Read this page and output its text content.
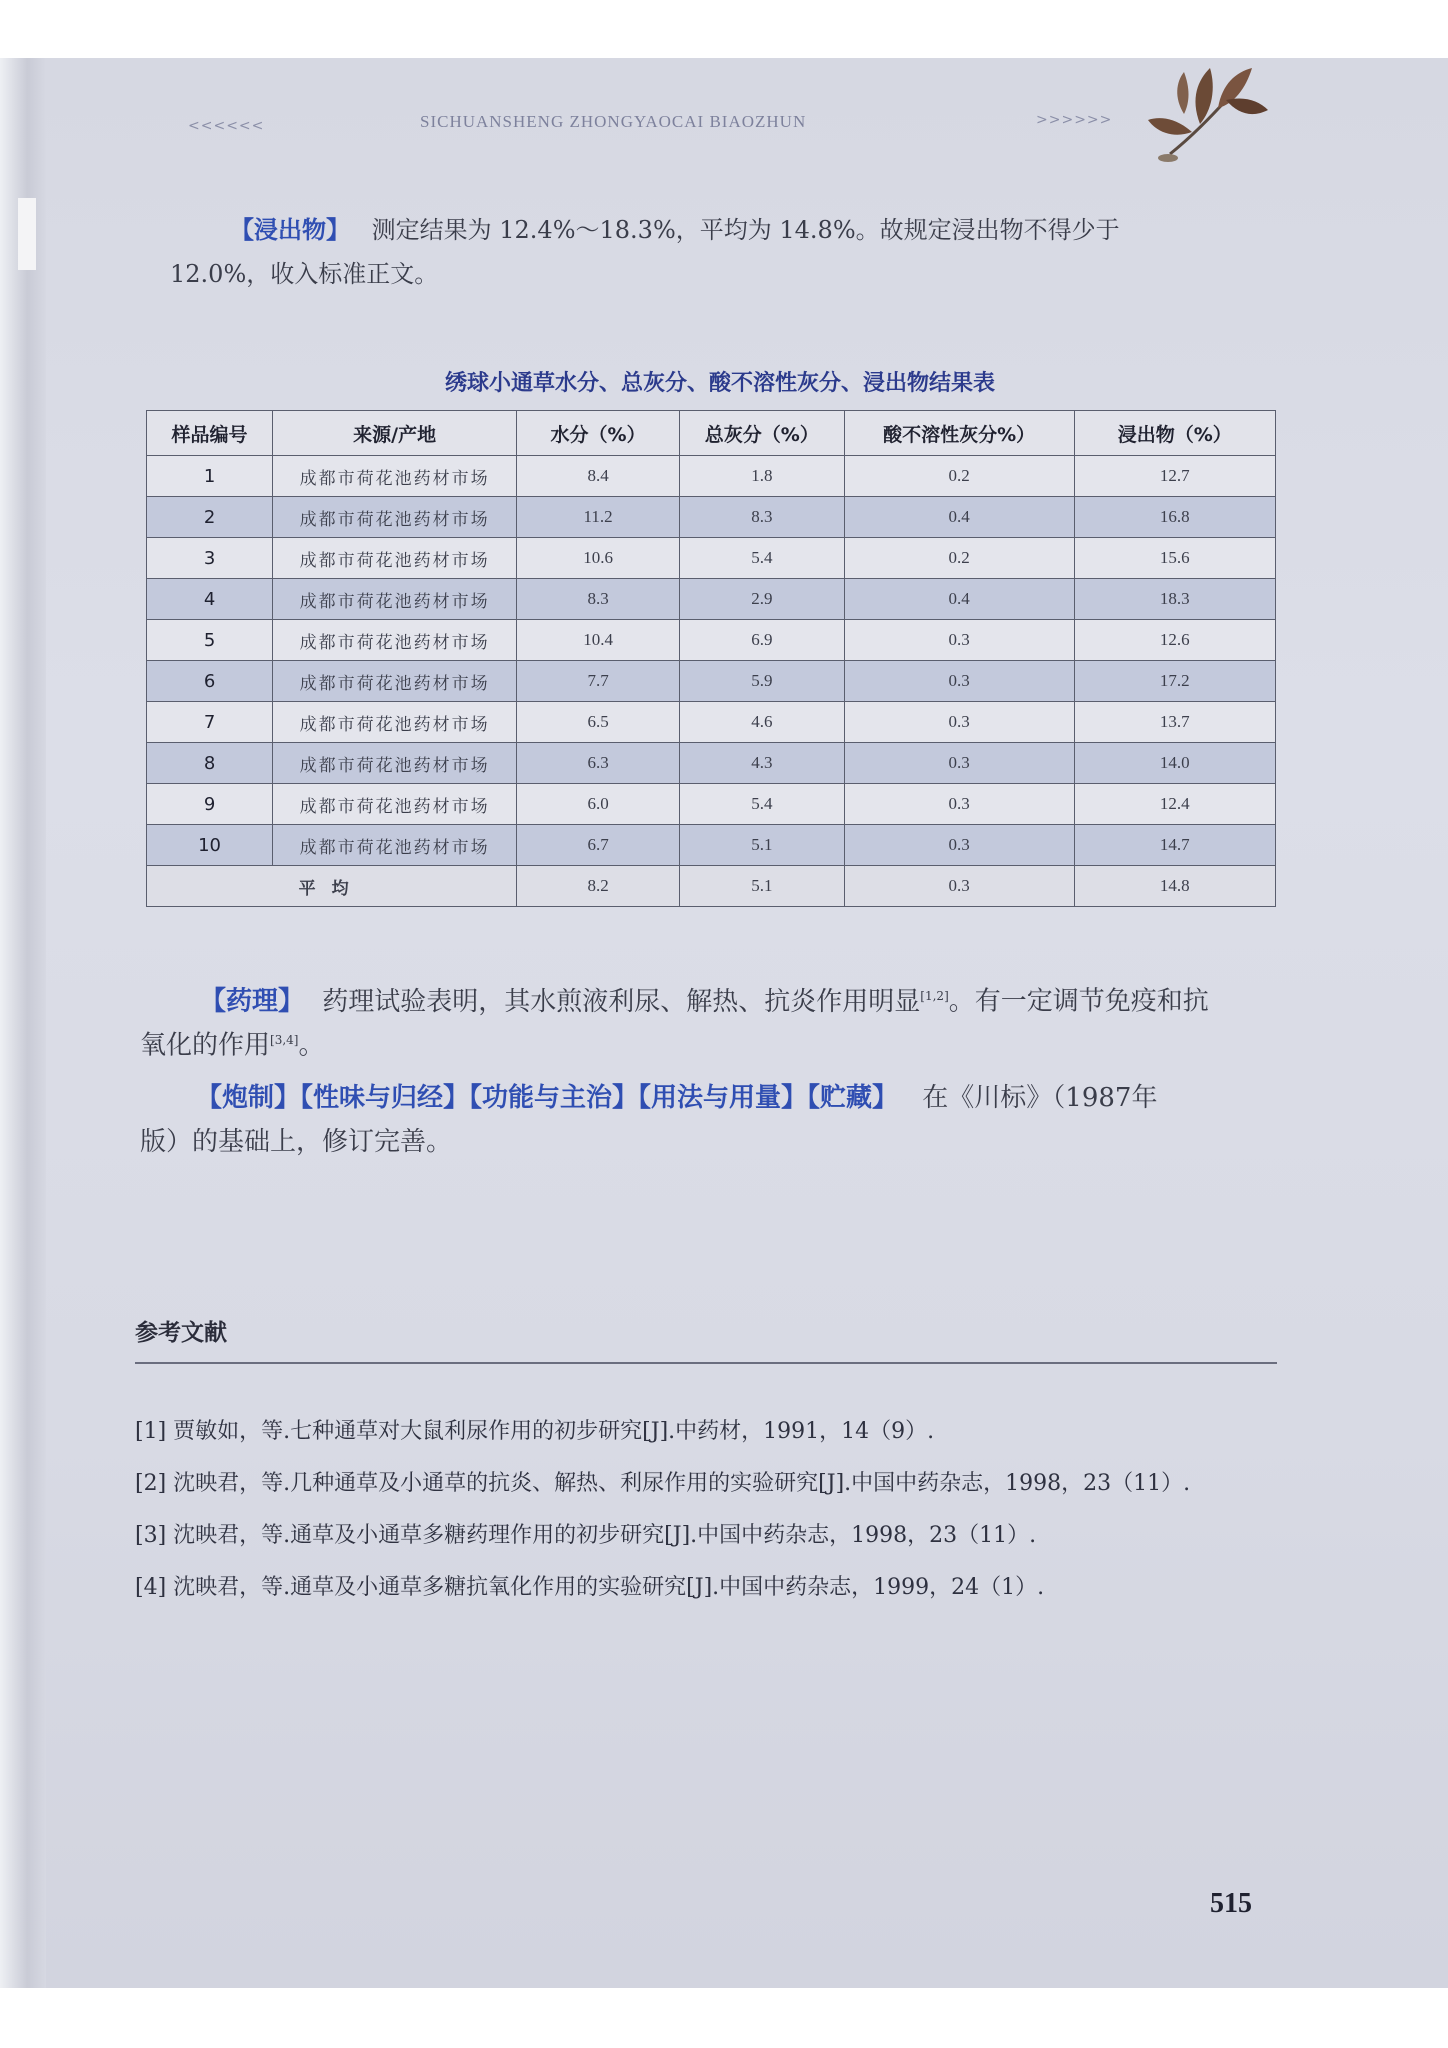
<<<<<<	SICHUANSHENG ZHONGYAOCAI BIAOZHUN	>>>>>>
【浸出物】 测定结果为 12.4%～18.3%，平均为 14.8%。故规定浸出物不得少于
12.0%，收入标准正文。
绣球小通草水分、总灰分、酸不溶性灰分、浸出物结果表
样品编号	来源/产地	水分（%）	总灰分（%）	酸不溶性灰分%）	浸出物（%）
1	成都市荷花池药材市场	8.4	1.8	0.2	12.7
2	成都市荷花池药材市场	11.2	8.3	0.4	16.8
3	成都市荷花池药材市场	10.6	5.4	0.2	15.6
4	成都市荷花池药材市场	8.3	2.9	0.4	18.3
5	成都市荷花池药材市场	10.4	6.9	0.3	12.6
6	成都市荷花池药材市场	7.7	5.9	0.3	17.2
7	成都市荷花池药材市场	6.5	4.6	0.3	13.7
8	成都市荷花池药材市场	6.3	4.3	0.3	14.0
9	成都市荷花池药材市场	6.0	5.4	0.3	12.4
10	成都市荷花池药材市场	6.7	5.1	0.3	14.7
平均		8.2	5.1	0.3	14.8
【药理】 药理试验表明，其水煎液利尿、解热、抗炎作用明显[1,2]。有一定调节免疫和抗
氧化的作用[3,4]。
【炮制】【性味与归经】【功能与主治】【用法与用量】【贮藏】 在《川标》（1987年
版）的基础上，修订完善。
参考文献
[1] 贾敏如，等.七种通草对大鼠利尿作用的初步研究[J].中药材，1991，14（9）.
[2] 沈映君，等.几种通草及小通草的抗炎、解热、利尿作用的实验研究[J].中国中药杂志，1998，23（11）.
[3] 沈映君，等.通草及小通草多糖药理作用的初步研究[J].中国中药杂志，1998，23（11）.
[4] 沈映君，等.通草及小通草多糖抗氧化作用的实验研究[J].中国中药杂志，1999，24（1）.
515
